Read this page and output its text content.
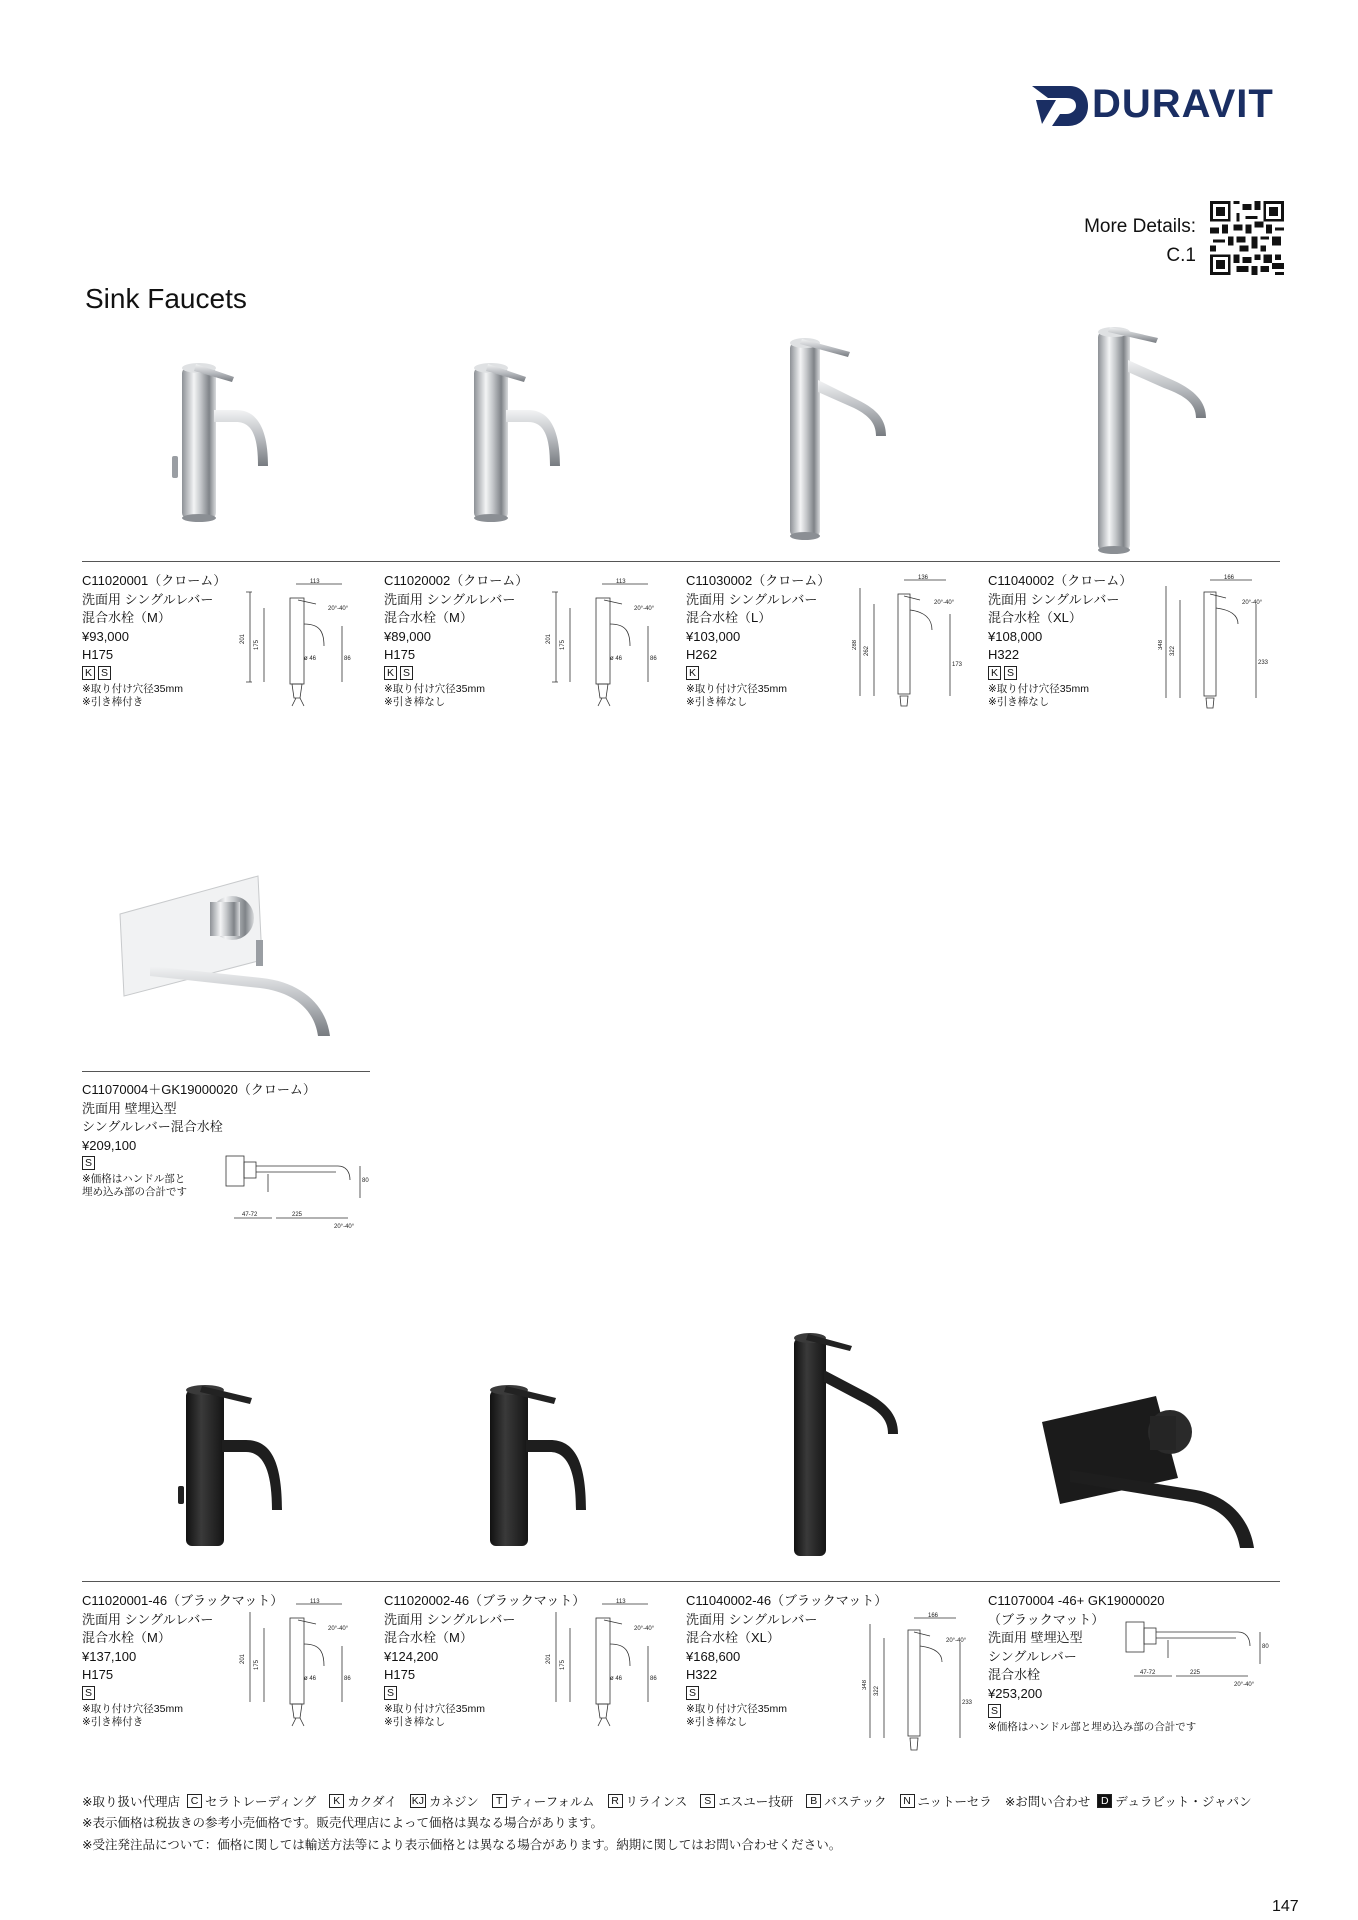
DURAVIT
More Details:
C.1
Sink Faucets
C11020001（クローム）
洗面用 シングルレバー
混合水栓（M）
¥93,000
H175
K S
※取り付け穴径35mm
※引き棒付き
C11020002（クローム）
洗面用 シングルレバー
混合水栓（M）
¥89,000
H175
K S
※取り付け穴径35mm
※引き棒なし
C11030002（クローム）
洗面用 シングルレバー
混合水栓（L）
¥103,000
H262
K
※取り付け穴径35mm
※引き棒なし
C11040002（クローム）
洗面用 シングルレバー
混合水栓（XL）
¥108,000
H322
K S
※取り付け穴径35mm
※引き棒なし
113
20°-40°
201
175
86
ø 46
113
20°-40°
201
175
86
ø 46
136
20°-40°
288
262
173
166
20°-40°
348
322
233
C11070004＋GK19000020（クローム）
洗面用 壁埋込型
シングルレバー混合水栓
¥209,100
S
※価格はハンドル部と
埋め込み部の合計です
47-72	225
80
20°-40°
C11020001-46（ブラックマット）
洗面用 シングルレバー
混合水栓（M）
¥137,100
H175
S
※取り付け穴径35mm
※引き棒付き
C11020002-46（ブラックマット）
洗面用 シングルレバー
混合水栓（M）
¥124,200
H175
S
※取り付け穴径35mm
※引き棒なし
C11040002-46（ブラックマット）
洗面用 シングルレバー
混合水栓（XL）
¥168,600
H322
S
※取り付け穴径35mm
※引き棒なし
C11070004 -46+ GK19000020
（ブラックマット）
洗面用 壁埋込型
シングルレバー
混合水栓
¥253,200
S
※価格はハンドル部と埋め込み部の合計です
113
20°-40°
201
175
86
ø 46
113
20°-40°
201
175
86
ø 46
166
20°-40°
348
322
233
47-72	225
80
20°-40°
※取り扱い代理店	C セラトレーディング	K カクダイ KJ カネジン	T ティーフォルム	R リラインス	S エスユー技研	B バステック	N ニットーセラ ※お問い合わせ	D デュラビット・ジャパン
※表示価格は税抜きの参考小売価格です。販売代理店によって価格は異なる場合があります。
※受注発注品について：価格に関しては輸送方法等により表示価格とは異なる場合があります。納期に関してはお問い合わせください。
147
